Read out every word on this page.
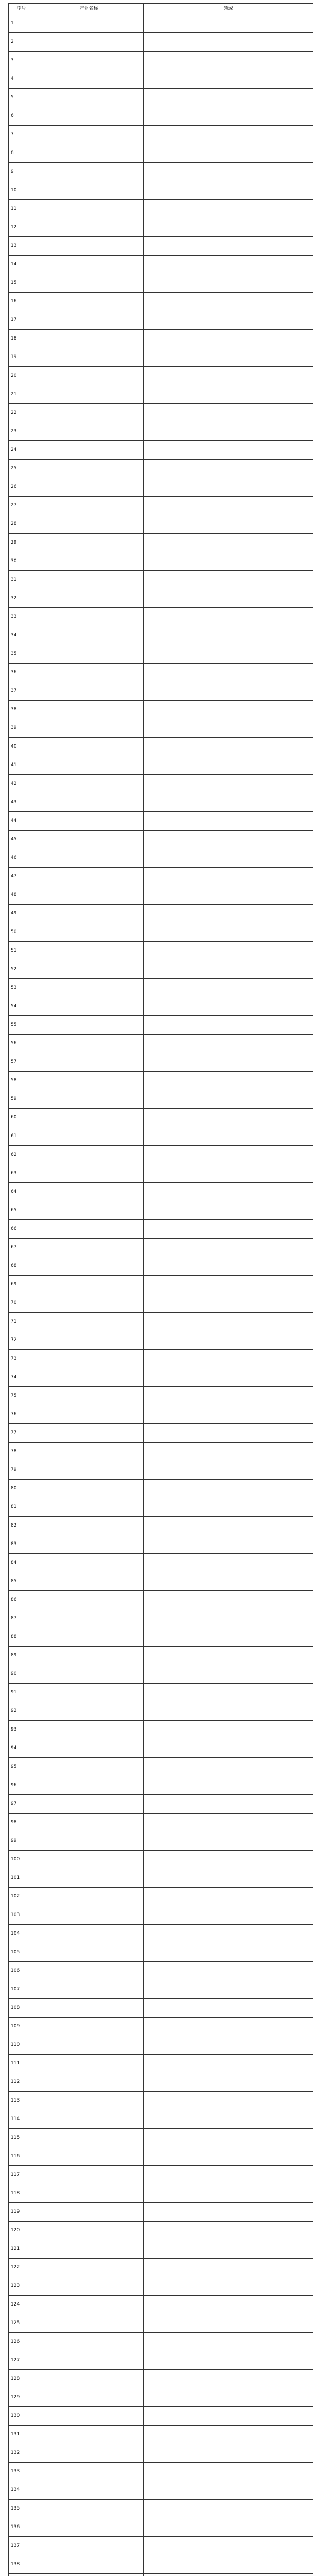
序号	产业名称	领域
1		
2		
3		
4		
5		
6		
7		
8		
9		
10		
11		
12		
13		
14		
15		
16		
17		
18		
19		
20		
21		
22		
23		
24		
25		
26		
27		
28		
29		
30		
31		
32		
33		
34		
35		
36		
37		
38		
39		
40		
41		
42		
43		
44		
45		
46		
47		
48		
49		
50		
51		
52		
53		
54		
55		
56		
57		
58		
59		
60		
61		
62		
63		
64		
65		
66		
67		
68		
69		
70		
71		
72		
73		
74		
75		
76		
77		
78		
79		
80		
81		
82		
83		
84		
85		
86		
87		
88		
89		
90		
91		
92		
93		
94		
95		
96		
97		
98		
99		
100		
101		
102		
103		
104		
105		
106		
107		
108		
109		
110		
111		
112		
113		
114		
115		
116		
117		
118		
119		
120		
121		
122		
123		
124		
125		
126		
127		
128		
129		
130		
131		
132		
133		
134		
135		
136		
137		
138		
